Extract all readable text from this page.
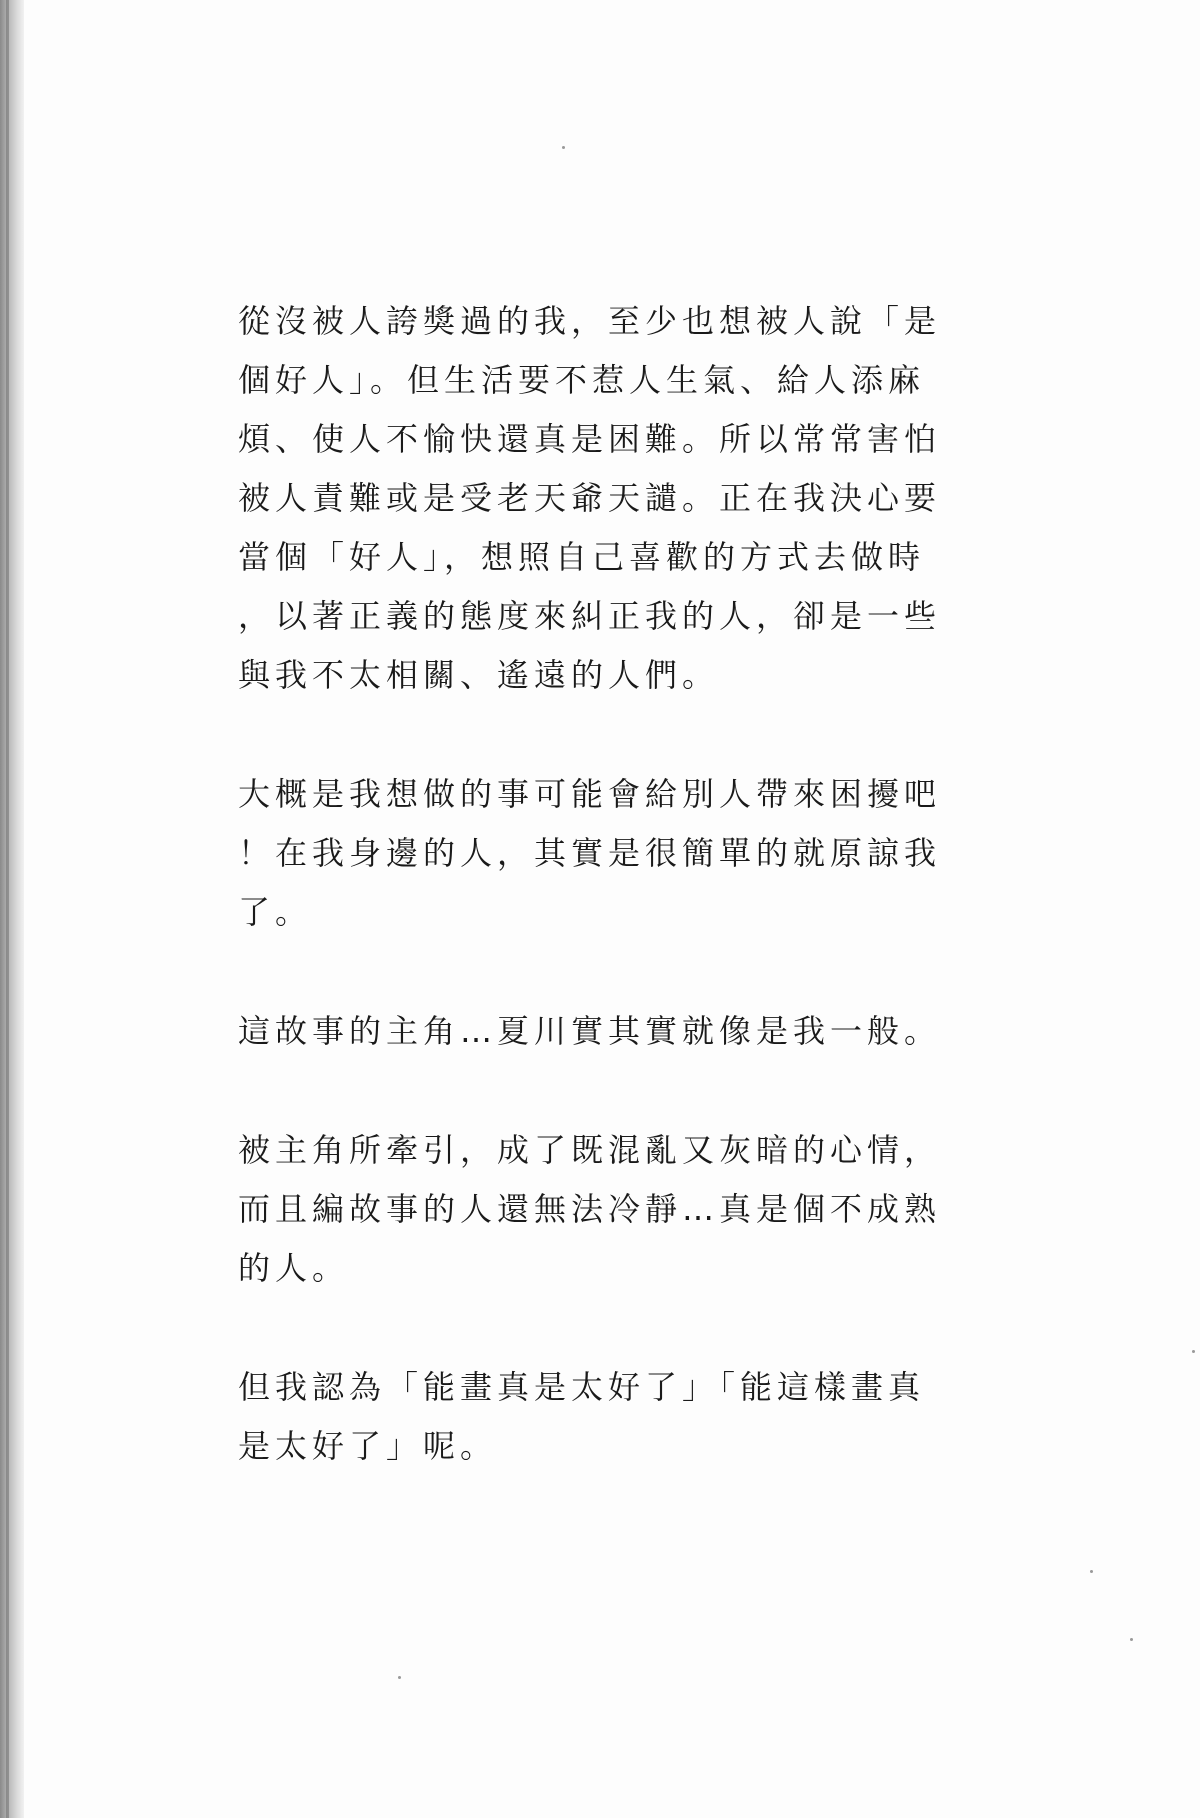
從沒被人誇獎過的我，至少也想被人說「是
個好人」。但生活要不惹人生氣、給人添麻
煩、使人不愉快還真是困難。所以常常害怕
被人責難或是受老天爺天譴。正在我決心要
當個「好人」，想照自己喜歡的方式去做時
，以著正義的態度來糾正我的人，卻是一些
與我不太相關、遙遠的人們。

大概是我想做的事可能會給別人帶來困擾吧
！在我身邊的人，其實是很簡單的就原諒我
了。

這故事的主角…夏川實其實就像是我一般。

被主角所牽引，成了既混亂又灰暗的心情，
而且編故事的人還無法冷靜…真是個不成熟
的人。

但我認為「能畫真是太好了」「能這樣畫真
是太好了」呢。
